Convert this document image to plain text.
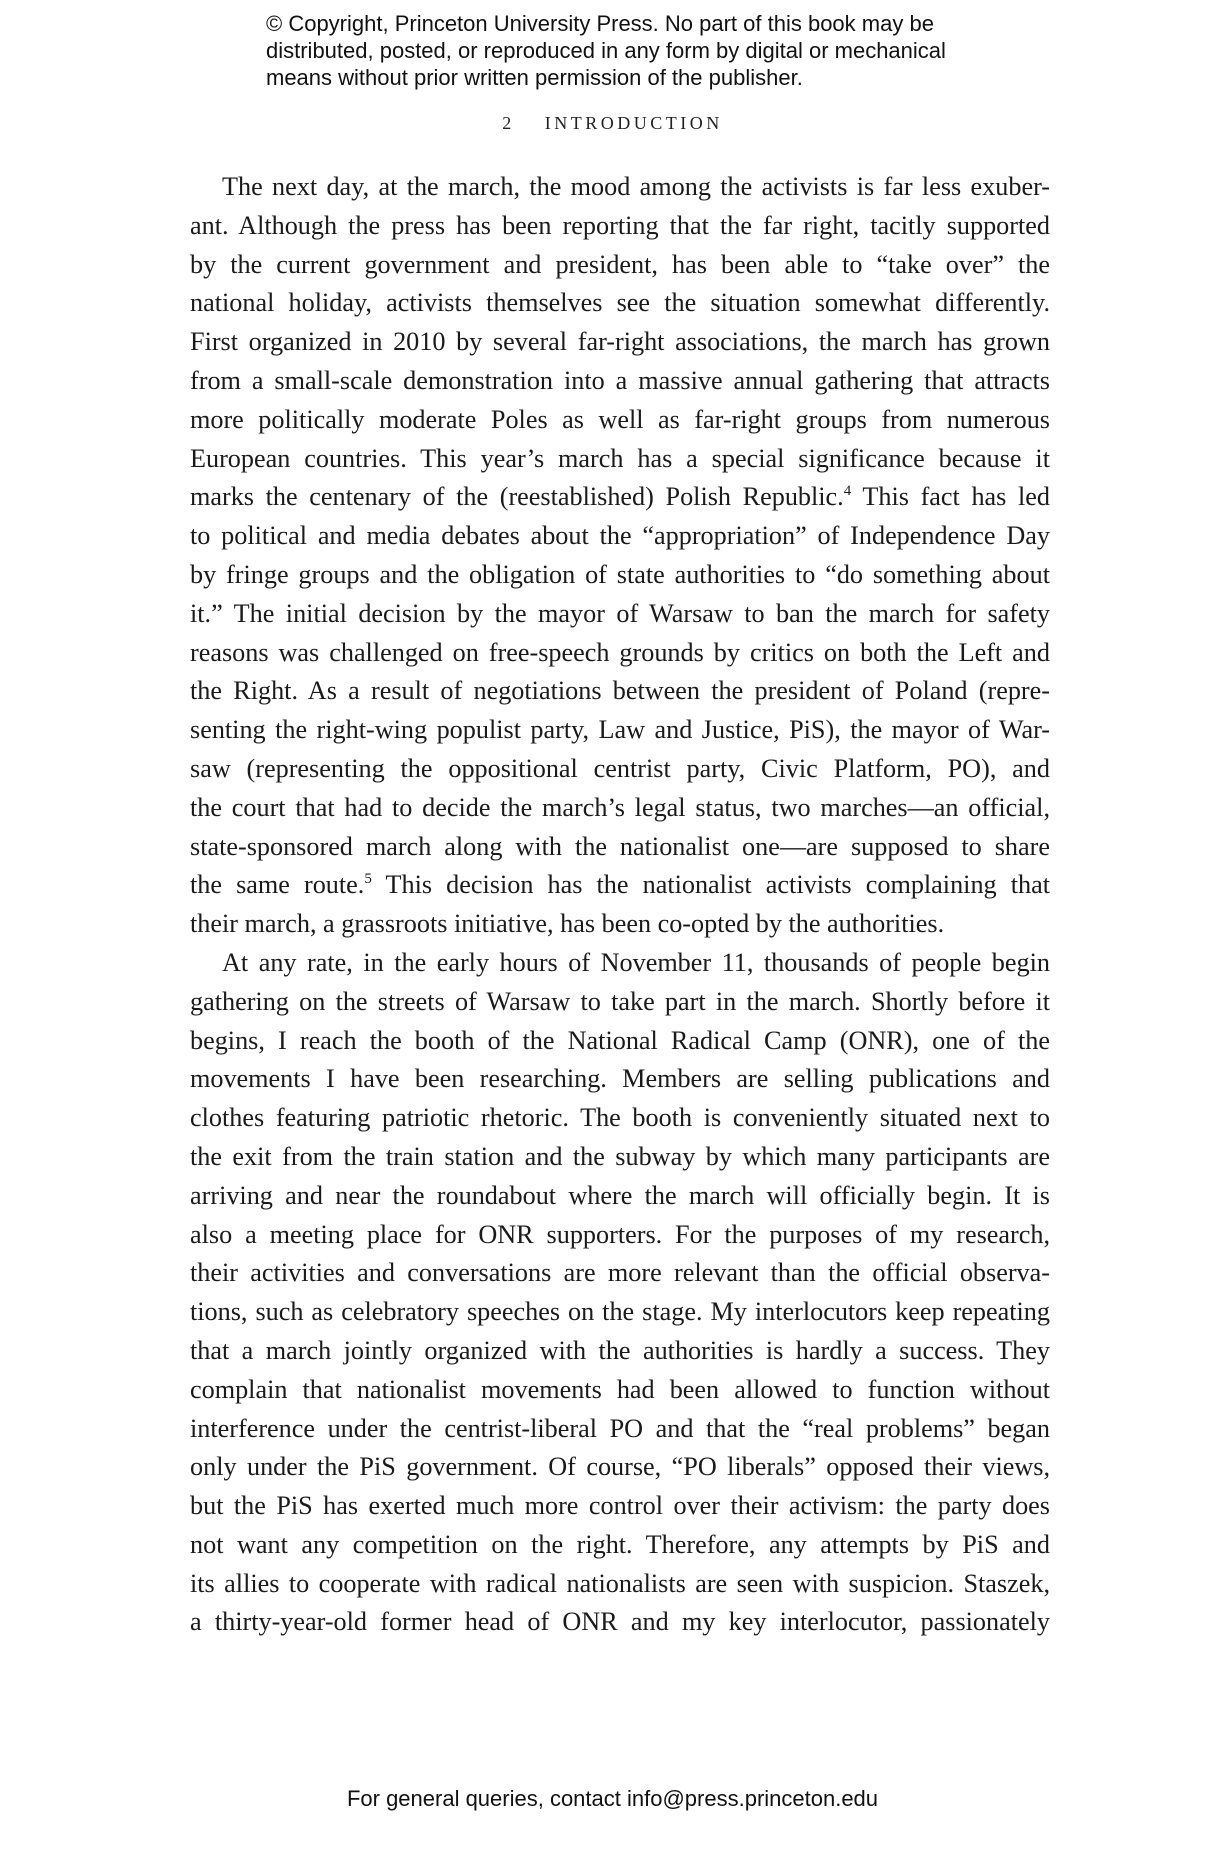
© Copyright, Princeton University Press. No part of this book may be
distributed, posted, or reproduced in any form by digital or mechanical
means without prior written permission of the publisher.
2 INTRODUCTION

The next day, at the march, the mood among the activists is far less exuber-
ant. Although the press has been reporting that the far right, tacitly supported
by the current government and president, has been able to “take over” the
national holiday, activists themselves see the situation somewhat differently.
First organized in 2010 by several far-right associations, the march has grown
from a small-scale demonstration into a massive annual gathering that attracts
more politically moderate Poles as well as far-right groups from numerous
European countries. This year’s march has a special significance because it
marks the centenary of the (reestablished) Polish Republic.$^4$ This fact has led
to political and media debates about the “appropriation” of Independence Day
by fringe groups and the obligation of state authorities to “do something about
it.” The initial decision by the mayor of Warsaw to ban the march for safety
reasons was challenged on free-speech grounds by critics on both the Left and
the Right. As a result of negotiations between the president of Poland (repre-
senting the right-wing populist party, Law and Justice, PiS), the mayor of War-
saw (representing the oppositional centrist party, Civic Platform, PO), and
the court that had to decide the march’s legal status, two marches—an official,
state-sponsored march along with the nationalist one—are supposed to share
the same route.$^5$ This decision has the nationalist activists complaining that
their march, a grassroots initiative, has been co-opted by the authorities.

At any rate, in the early hours of November 11, thousands of people begin
gathering on the streets of Warsaw to take part in the march. Shortly before it
begins, I reach the booth of the National Radical Camp (ONR), one of the
movements I have been researching. Members are selling publications and
clothes featuring patriotic rhetoric. The booth is conveniently situated next to
the exit from the train station and the subway by which many participants are
arriving and near the roundabout where the march will officially begin. It is
also a meeting place for ONR supporters. For the purposes of my research,
their activities and conversations are more relevant than the official observa-
tions, such as celebratory speeches on the stage. My interlocutors keep repeating
that a march jointly organized with the authorities is hardly a success. They
complain that nationalist movements had been allowed to function without
interference under the centrist-liberal PO and that the “real problems” began
only under the PiS government. Of course, “PO liberals” opposed their views,
but the PiS has exerted much more control over their activism: the party does
not want any competition on the right. Therefore, any attempts by PiS and
its allies to cooperate with radical nationalists are seen with suspicion. Staszek,
a thirty-year-old former head of ONR and my key interlocutor, passionately

For general queries, contact info@press.princeton.edu
